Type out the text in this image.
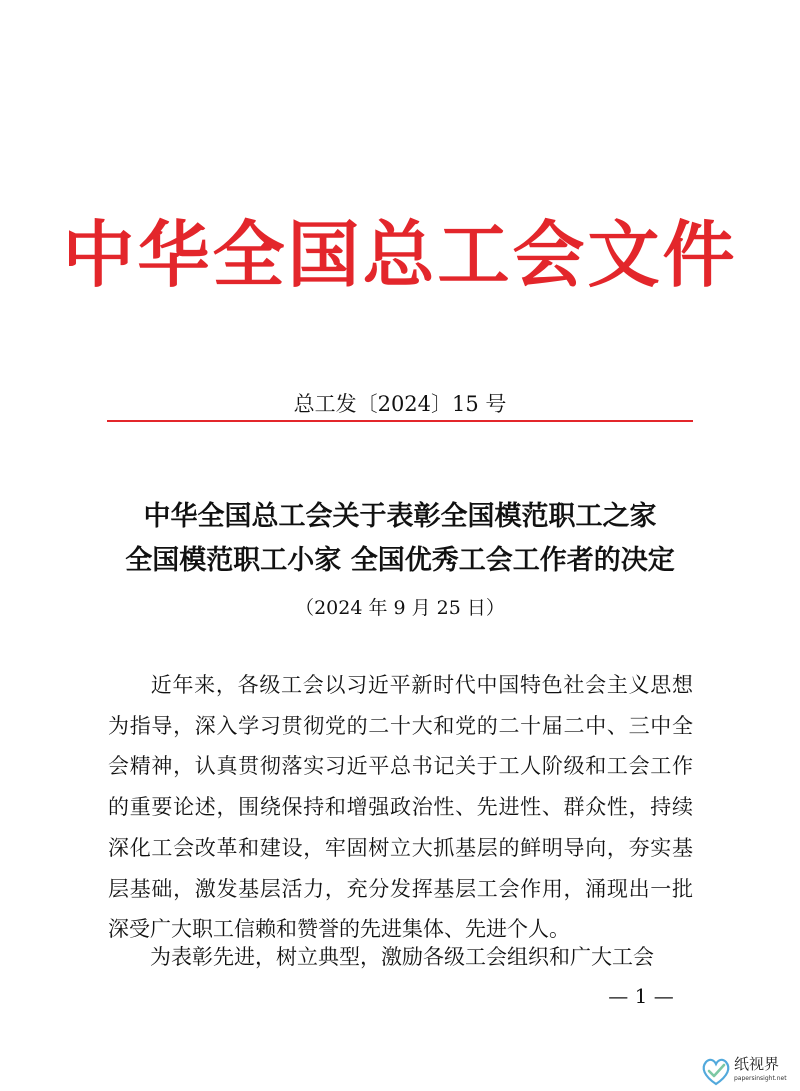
中华全国总工会文件
总工发〔2024〕15 号
中华全国总工会关于表彰全国模范职工之家
全国模范职工小家 全国优秀工会工作者的决定
（2024 年 9 月 25 日）

近年来，各级工会以习近平新时代中国特色社会主义思想为指导，深入学习贯彻党的二十大和党的二十届二中、三中全会精神，认真贯彻落实习近平总书记关于工人阶级和工会工作的重要论述，围绕保持和增强政治性、先进性、群众性，持续深化工会改革和建设，牢固树立大抓基层的鲜明导向，夯实基层基础，激发基层活力，充分发挥基层工会作用，涌现出一批深受广大职工信赖和赞誉的先进集体、先进个人。

为表彰先进，树立典型，激励各级工会组织和广大工会

— 1 —
纸视界
papersinsight.net
